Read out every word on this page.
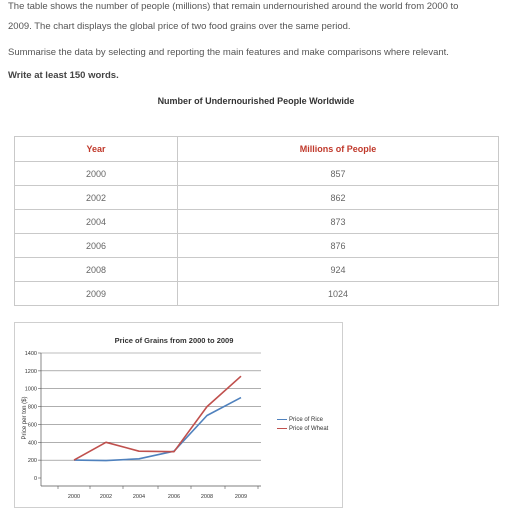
The table shows the number of people (millions) that remain undernourished around the world from 2000 to
2009. The chart displays the global price of two food grains over the same period.
Summarise the data by selecting and reporting the main features and make comparisons where relevant.
Write at least 150 words.
Number of Undernourished People Worldwide
Year	Millions of People
2000	857
2002	862
2004	873
2006	876
2008	924
2009	1024
Price of Grains from 2000 to 2009
Price per ton ($)
0
200
400
600
800
1000
1200
1400
2000	2002	2004	2006	2008	2009
Price of Rice
Price of Wheat
